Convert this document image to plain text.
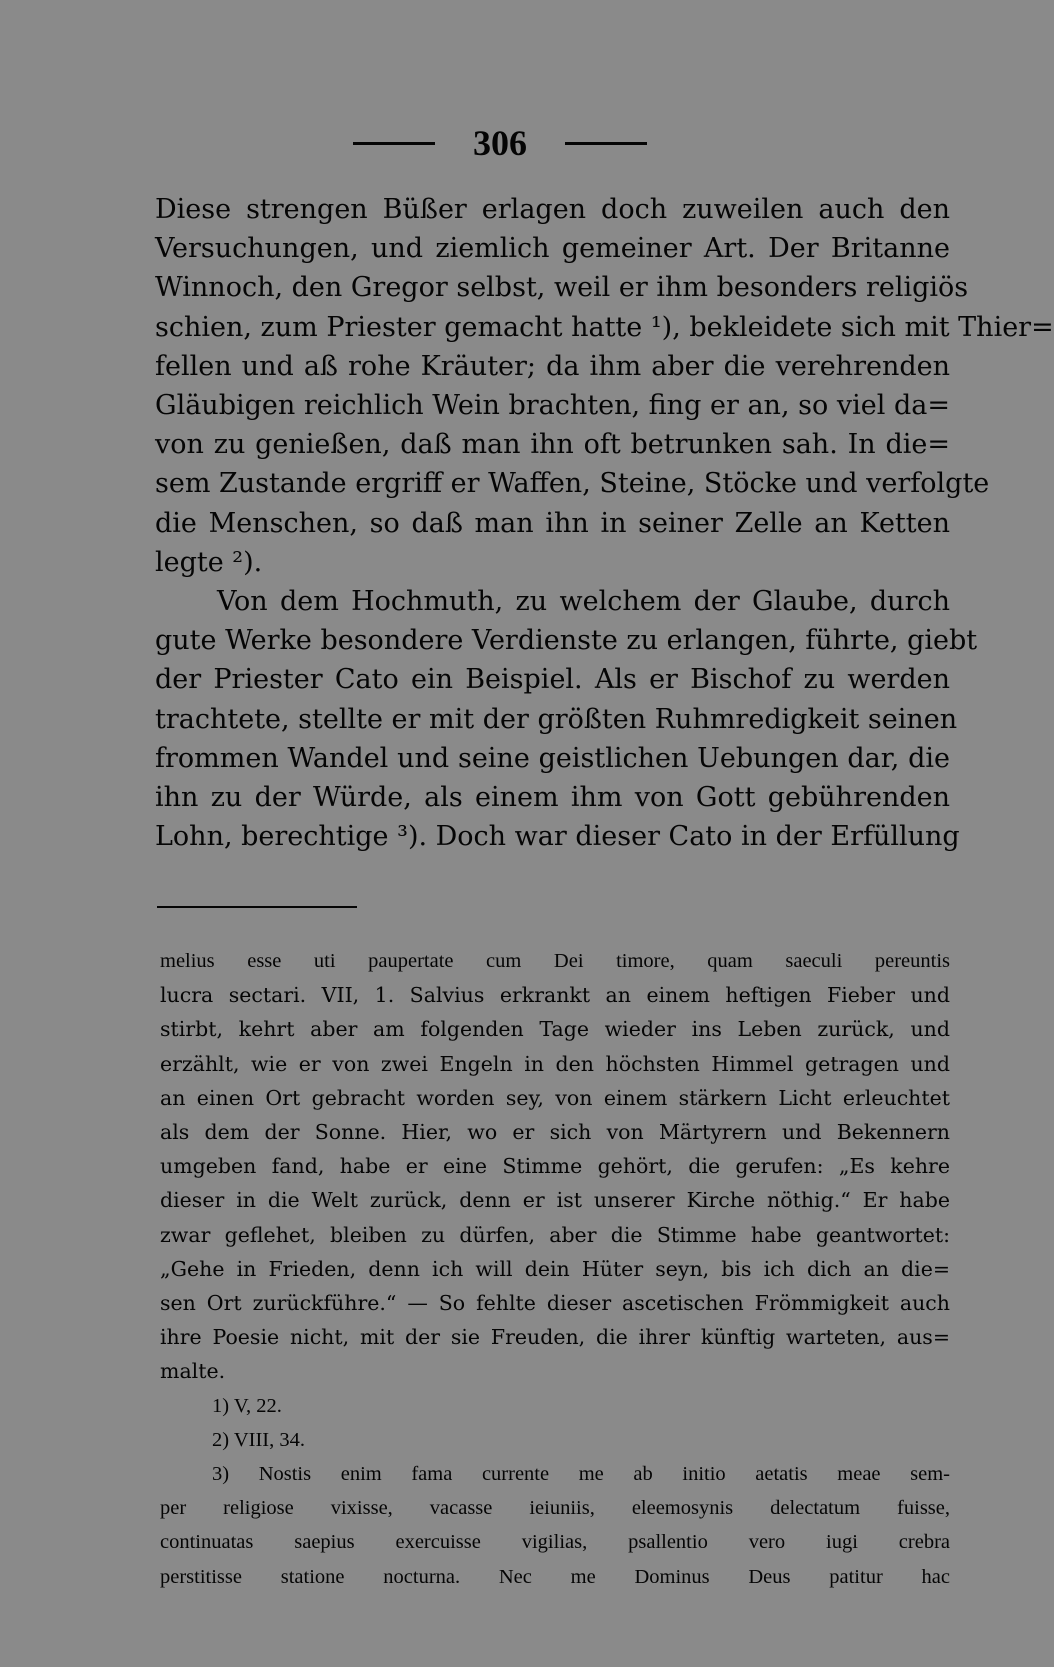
306
Diese strengen Büßer erlagen doch zuweilen auch den
Versuchungen, und ziemlich gemeiner Art. Der Britanne
Winnoch, den Gregor selbst, weil er ihm besonders religiös
schien, zum Priester gemacht hatte ¹), bekleidete sich mit Thier=
fellen und aß rohe Kräuter; da ihm aber die verehrenden
Gläubigen reichlich Wein brachten, fing er an, so viel da=
von zu genießen, daß man ihn oft betrunken sah. In die=
sem Zustande ergriff er Waffen, Steine, Stöcke und verfolgte
die Menschen, so daß man ihn in seiner Zelle an Ketten
legte ²).
Von dem Hochmuth, zu welchem der Glaube, durch
gute Werke besondere Verdienste zu erlangen, führte, giebt
der Priester Cato ein Beispiel. Als er Bischof zu werden
trachtete, stellte er mit der größten Ruhmredigkeit seinen
frommen Wandel und seine geistlichen Uebungen dar, die
ihn zu der Würde, als einem ihm von Gott gebührenden
Lohn, berechtige ³). Doch war dieser Cato in der Erfüllung
melius esse uti paupertate cum Dei timore, quam saeculi pereuntis
lucra sectari. VII, 1. Salvius erkrankt an einem heftigen Fieber und
stirbt, kehrt aber am folgenden Tage wieder ins Leben zurück, und
erzählt, wie er von zwei Engeln in den höchsten Himmel getragen und
an einen Ort gebracht worden sey, von einem stärkern Licht erleuchtet
als dem der Sonne. Hier, wo er sich von Märtyrern und Bekennern
umgeben fand, habe er eine Stimme gehört, die gerufen: „Es kehre
dieser in die Welt zurück, denn er ist unserer Kirche nöthig.“ Er habe
zwar geflehet, bleiben zu dürfen, aber die Stimme habe geantwortet:
„Gehe in Frieden, denn ich will dein Hüter seyn, bis ich dich an die=
sen Ort zurückführe.“ — So fehlte dieser ascetischen Frömmigkeit auch
ihre Poesie nicht, mit der sie Freuden, die ihrer künftig warteten, aus=
malte.
1) V, 22.
2) VIII, 34.
3) Nostis enim fama currente me ab initio aetatis meae sem-
per religiose vixisse, vacasse ieiuniis, eleemosynis delectatum fuisse,
continuatas saepius exercuisse vigilias, psallentio vero iugi crebra
perstitisse statione nocturna. Nec me Dominus Deus patitur hac
